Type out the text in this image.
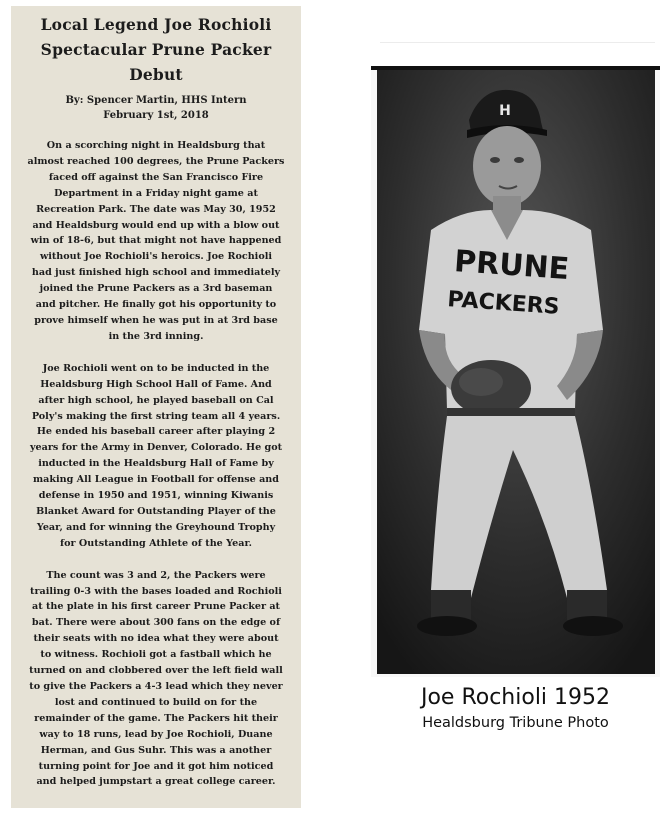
Local Legend Joe Rochioli
Spectacular Prune Packer
Debut
By: Spencer Martin, HHS Intern
February 1st, 2018
On a scorching night in Healdsburg that
almost reached 100 degrees, the Prune Packers
faced off against the San Francisco Fire
Department in a Friday night game at
Recreation Park. The date was May 30, 1952
and Healdsburg would end up with a blow out
win of 18-6, but that might not have happened
without Joe Rochioli's heroics. Joe Rochioli
had just finished high school and immediately
joined the Prune Packers as a 3rd baseman
and pitcher. He finally got his opportunity to
prove himself when he was put in at 3rd base
in the 3rd inning.
Joe Rochioli went on to be inducted in the
Healdsburg High School Hall of Fame. And
after high school, he played baseball on Cal
Poly's making the first string team all 4 years.
He ended his baseball career after playing 2
years for the Army in Denver, Colorado. He got
inducted in the Healdsburg Hall of Fame by
making All League in Football for offense and
defense in 1950 and 1951, winning Kiwanis
Blanket Award for Outstanding Player of the
Year, and for winning the Greyhound Trophy
for Outstanding Athlete of the Year.
The count was 3 and 2, the Packers were
trailing 0-3 with the bases loaded and Rochioli
at the plate in his first career Prune Packer at
bat. There were about 300 fans on the edge of
their seats with no idea what they were about
to witness. Rochioli got a fastball which he
turned on and clobbered over the left field wall
to give the Packers a 4-3 lead which they never
lost and continued to build on for the
remainder of the game. The Packers hit their
way to 18 runs, lead by Joe Rochioli, Duane
Herman, and Gus Suhr. This was a another
turning point for Joe and it got him noticed
and helped jumpstart a great college career.
H
PRUNE
PACKERS
Joe Rochioli 1952
Healdsburg Tribune Photo
